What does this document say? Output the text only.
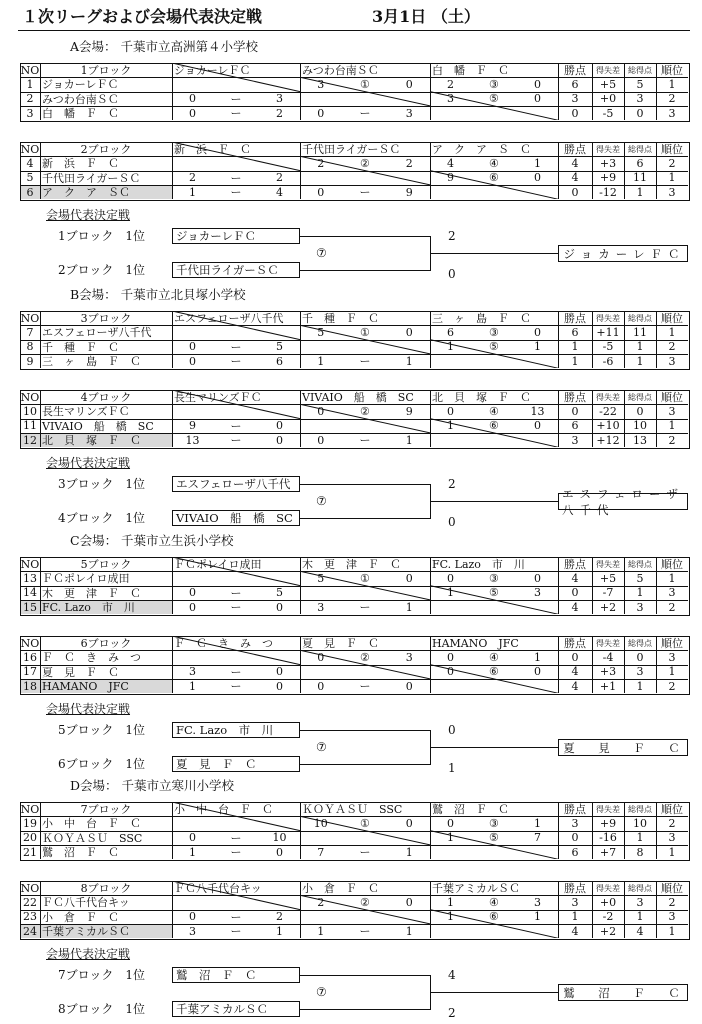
１次リーグおよび会場代表決定戦	3月1日 （土）
A会場： 千葉市立高洲第４小学校
NO	1ブロック	ジョカーレＦＣ	みつわ台南ＳＣ	白　幡　Ｆ　Ｃ	勝点	得失差	総得点 順位
1 ジョカーレＦＣ	3	①	0	2	③	0	6	+5	5	1
2 みつわ台南ＳＣ	0	ー	3	3	⑤	0	3	+0	3	2
3 白　幡　Ｆ　Ｃ	0	ー	2	0	ー	3	0	-5	0	3
NO	2ブロック	新　浜　Ｆ　Ｃ	千代田ライガーＳＣ	ア　ク　ア　Ｓ　Ｃ	勝点	得失差	総得点 順位
4 新　浜　Ｆ　Ｃ	2	②	2	4	④	1	4	+3	6	2
5 千代田ライガーＳＣ	2	ー	2	9	⑥	0	4	+9	11	1
6 ア　ク　ア　ＳＣ	1	ー	4	0	ー	9	0	-12	1	3
会場代表決定戦
1ブロック　1位
2ブロック　1位
ジョカーレＦＣ
千代田ライガーＳＣ
⑦
2
0
ジョカーレＦＣ
B会場： 千葉市立北貝塚小学校
NO	3ブロック	エスフェローザ八千代	千　種　Ｆ　Ｃ	三　ヶ　島　Ｆ　Ｃ	勝点	得失差	総得点 順位
7 エスフェローザ八千代	5	①	0	6	③	0	6	+11	11	1
8 千　種　Ｆ　Ｃ	0	ー	5	1	⑤	1	1	-5	1	2
9 三　ヶ　島　Ｆ　Ｃ	0	ー	6	1	ー	1	1	-6	1	3
NO	4ブロック	長生マリンズＦＣ	VIVAIO　船　橋　SC	北　貝　塚　Ｆ　Ｃ	勝点	得失差	総得点 順位
10 長生マリンズＦＣ	0	②	9	0	④	13	0	-22	0	3
11 VIVAIO　船　橋　SC	9	ー	0	1	⑥	0	6	+10	10	1
12 北　貝　塚　Ｆ　Ｃ	13	ー	0	0	ー	1	3	+12	13	2
会場代表決定戦
3ブロック　1位
4ブロック　1位
エスフェローザ八千代
VIVAIO　船　橋　SC
⑦
2
0
エスフェローザ八千代
C会場： 千葉市立生浜小学校
NO	5ブロック	ＦＣポレイロ成田	木　更　津　Ｆ　Ｃ	FC. Lazo　市　川	勝点	得失差	総得点 順位
13 ＦＣポレイロ成田	5	①	0	0	③	0	4	+5	5	1
14 木　更　津　Ｆ　Ｃ	0	ー	5	1	⑤	3	0	-7	1	3
15 FC. Lazo　市　川	0	ー	0	3	ー	1	4	+2	3	2
NO	6ブロック	Ｆ　Ｃ　き　み　つ	夏　見　Ｆ　Ｃ	HAMANO　JFC	勝点	得失差	総得点 順位
16 Ｆ　Ｃ　き　み　つ	0	②	3	0	④	1	0	-4	0	3
17 夏　見　Ｆ　Ｃ	3	ー	0	0	⑥	0	4	+3	3	1
18 HAMANO　JFC	1	ー	0	0	ー	0	4	+1	1	2
会場代表決定戦
5ブロック　1位
6ブロック　1位
FC. Lazo　市　川
夏　見　Ｆ　Ｃ
⑦
0
1
夏　見　Ｆ　Ｃ
D会場： 千葉市立寒川小学校
NO	7ブロック	小　中　台　Ｆ　Ｃ	ＫＯＹＡＳＵ　SSC	鷲　沼　Ｆ　Ｃ	勝点	得失差	総得点 順位
19 小　中　台　Ｆ　Ｃ	10	①	0	0	③	1	3	+9	10	2
20 ＫＯＹＡＳＵ　SSC	0	ー	10	1	⑤	7	0	-16	1	3
21 鷲　沼　Ｆ　Ｃ	1	ー	0	7	ー	1	6	+7	8	1
NO	8ブロック	ＦＣ八千代台キッ	小　倉　Ｆ　Ｃ	千葉アミカルＳＣ	勝点	得失差	総得点 順位
22 ＦＣ八千代台キッ	2	②	0	1	④	3	3	+0	3	2
23 小　倉　Ｆ　Ｃ	0	ー	2	1	⑥	1	1	-2	1	3
24 千葉アミカルＳＣ	3	ー	1	1	ー	1	4	+2	4	1
会場代表決定戦
7ブロック　1位
8ブロック　1位
鷲　沼　Ｆ　Ｃ
千葉アミカルＳＣ
⑦
4
2
鷲　沼　Ｆ　Ｃ
